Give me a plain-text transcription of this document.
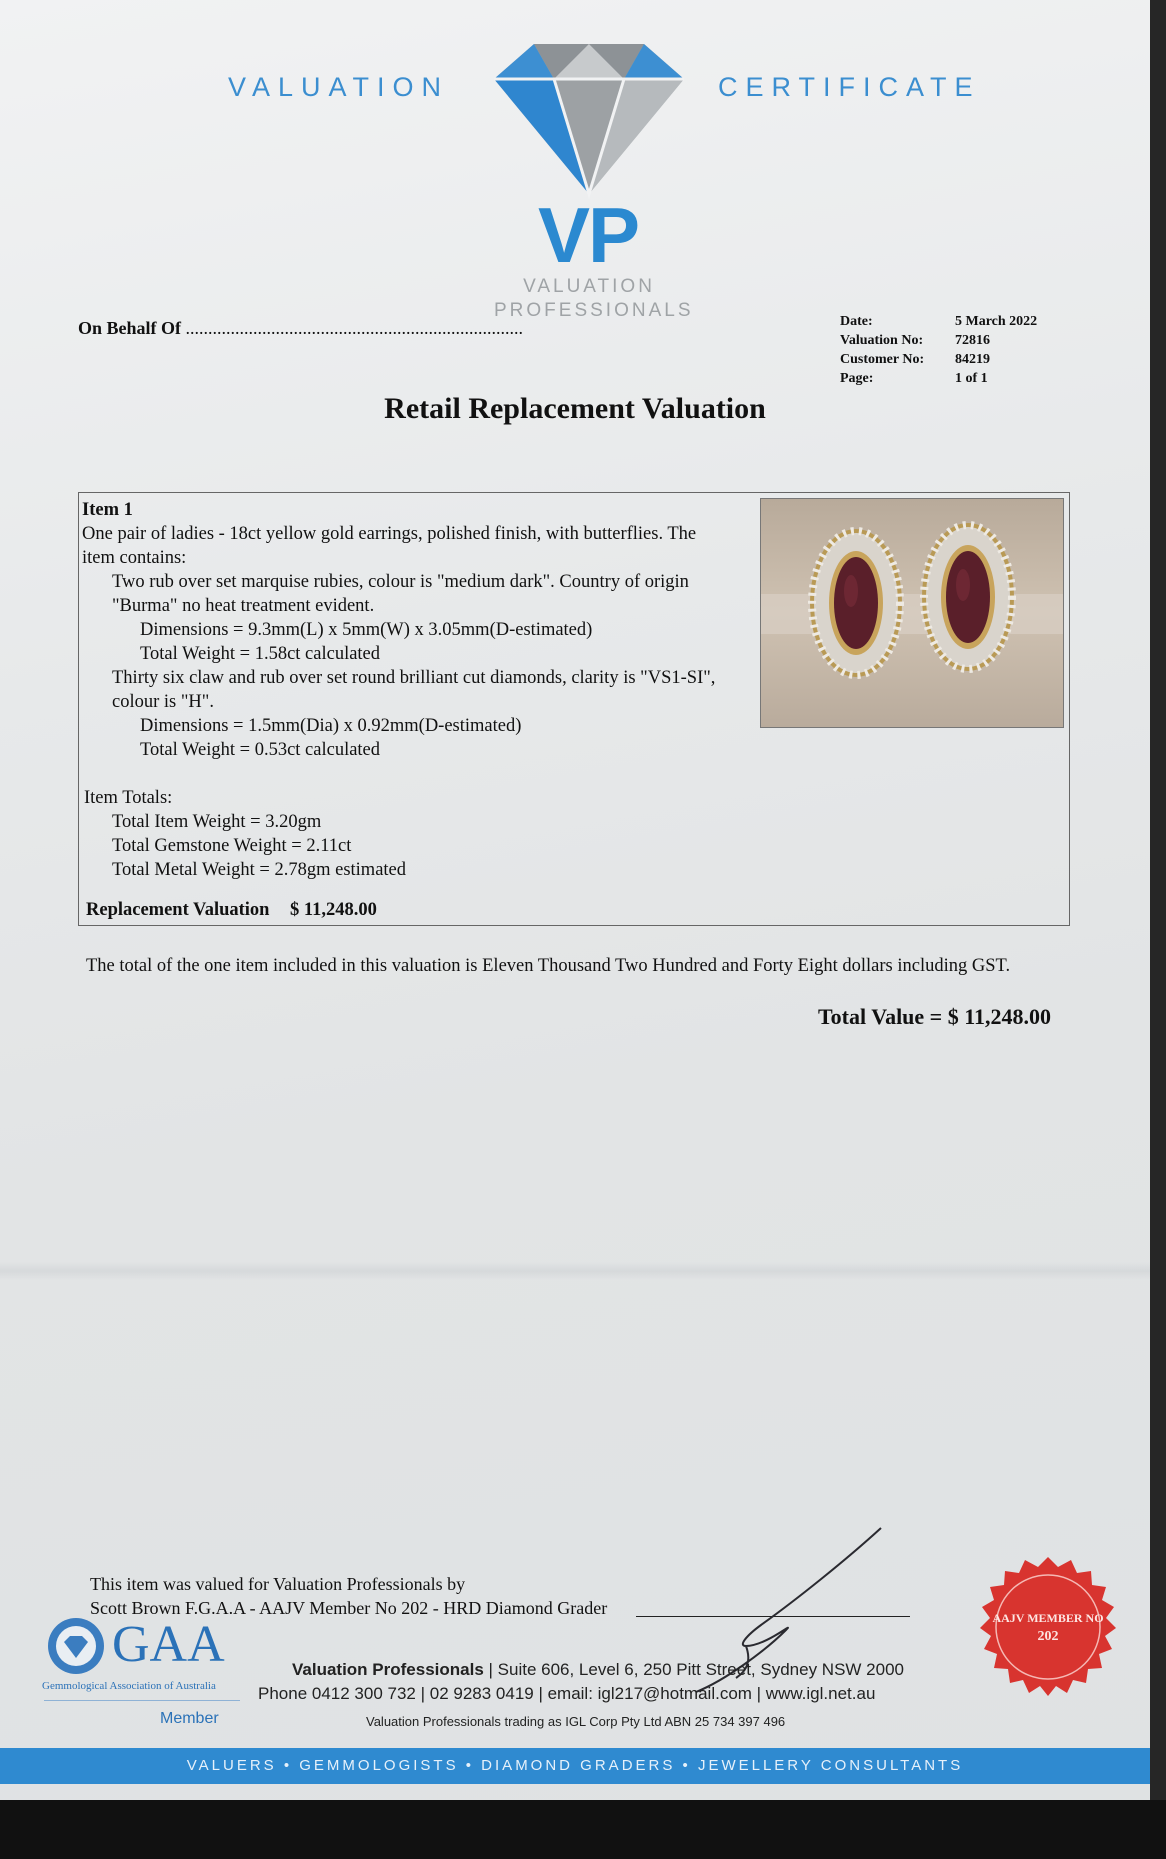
VALUATION	CERTIFICATE
VP
VALUATION
PROFESSIONALS
On Behalf Of ...........................................................................	Date:	5 March 2022
Valuation No:	72816
Customer No:	84219
Page:	1 of 1
Retail Replacement Valuation
Item 1
One pair of ladies - 18ct yellow gold earrings, polished finish, with butterflies. The
item contains:
Two rub over set marquise rubies, colour is "medium dark". Country of origin
"Burma" no heat treatment evident.
Dimensions = 9.3mm(L) x 5mm(W) x 3.05mm(D-estimated)
Total Weight = 1.58ct calculated
Thirty six claw and rub over set round brilliant cut diamonds, clarity is "VS1-SI",
colour is "H".
Dimensions = 1.5mm(Dia) x 0.92mm(D-estimated)
Total Weight = 0.53ct calculated
Item Totals:
Total Item Weight = 3.20gm
Total Gemstone Weight = 2.11ct
Total Metal Weight = 2.78gm estimated
Replacement Valuation $ 11,248.00
The total of the one item included in this valuation is Eleven Thousand Two Hundred and Forty Eight dollars including GST.
Total Value = $ 11,248.00
This item was valued for Valuation Professionals by
Scott Brown F.G.A.A - AAJV Member No 202 - HRD Diamond Grader
GAA
Gemmological Association of Australia
Member
Valuation Professionals | Suite 606, Level 6, 250 Pitt Street, Sydney NSW 2000
Phone 0412 300 732 | 02 9283 0419 | email: igl217@hotmail.com | www.igl.net.au
Valuation Professionals trading as IGL Corp Pty Ltd ABN 25 734 397 496
AAJV MEMBER NO
202
VALUERS • GEMMOLOGISTS • DIAMOND GRADERS • JEWELLERY CONSULTANTS
